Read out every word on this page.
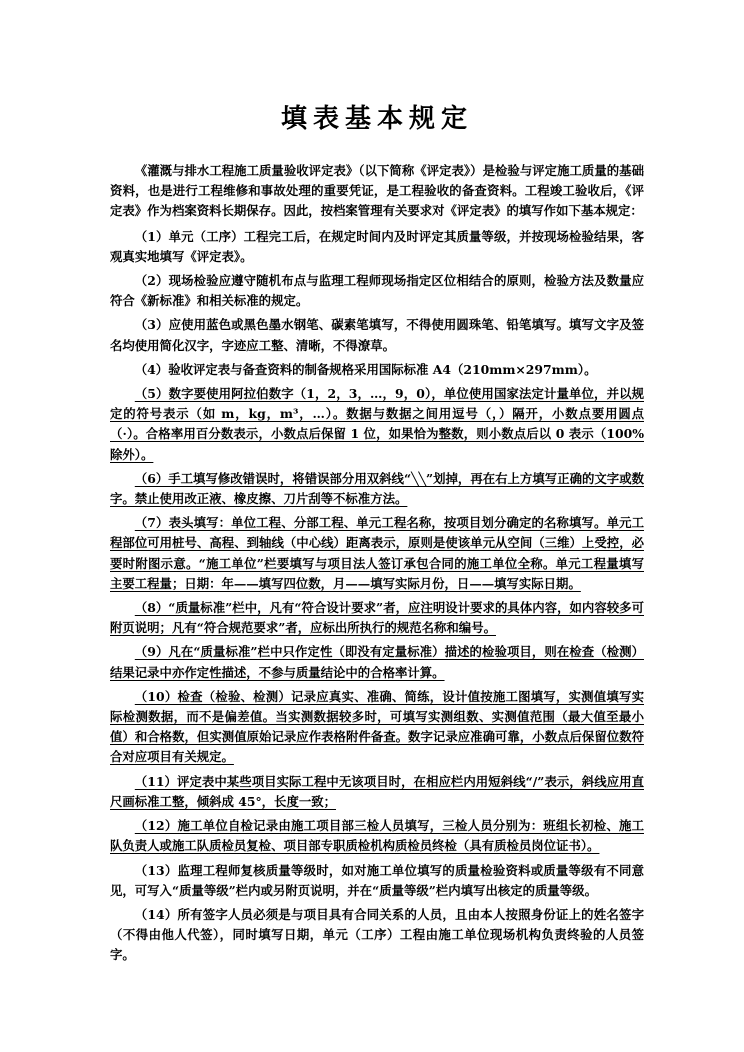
填表基本规定

《灌溉与排水工程施工质量验收评定表》（以下简称《评定表》）是检验与评定施工质量的基础资料，也是进行工程维修和事故处理的重要凭证，是工程验收的备查资料。工程竣工验收后，《评定表》作为档案资料长期保存。因此，按档案管理有关要求对《评定表》的填写作如下基本规定：

（1）单元（工序）工程完工后，在规定时间内及时评定其质量等级，并按现场检验结果，客观真实地填写《评定表》。

（2）现场检验应遵守随机布点与监理工程师现场指定区位相结合的原则，检验方法及数量应符合《新标准》和相关标准的规定。

（3）应使用蓝色或黑色墨水钢笔、碳素笔填写，不得使用圆珠笔、铅笔填写。填写文字及签名均使用简化汉字，字迹应工整、清晰，不得潦草。

（4）验收评定表与备查资料的制备规格采用国际标准 A4（210mm×297mm）。

（5）数字要使用阿拉伯数字（1，2，3，…，9，0），单位使用国家法定计量单位，并以规定的符号表示（如 m，kg，m³，…）。数据与数据之间用逗号（，）隔开，小数点要用圆点（·）。合格率用百分数表示，小数点后保留 1 位，如果恰为整数，则小数点后以 0 表示（100%除外）。

（6）手工填写修改错误时，将错误部分用双斜线“╲╲”划掉，再在右上方填写正确的文字或数字。禁止使用改正液、橡皮擦、刀片刮等不标准方法。

（7）表头填写：单位工程、分部工程、单元工程名称，按项目划分确定的名称填写。单元工程部位可用桩号、高程、到轴线（中心线）距离表示，原则是使该单元从空间（三维）上受控，必要时附图示意。“施工单位”栏要填写与项目法人签订承包合同的施工单位全称。单元工程量填写主要工程量；日期：年——填写四位数，月——填写实际月份，日——填写实际日期。

（8）“质量标准”栏中，凡有“符合设计要求”者，应注明设计要求的具体内容，如内容较多可附页说明；凡有“符合规范要求”者，应标出所执行的规范名称和编号。

（9）凡在“质量标准”栏中只作定性（即没有定量标准）描述的检验项目，则在检查（检测）结果记录中亦作定性描述，不参与质量结论中的合格率计算。

（10）检查（检验、检测）记录应真实、准确、简练，设计值按施工图填写，实测值填写实际检测数据，而不是偏差值。当实测数据较多时，可填写实测组数、实测值范围（最大值至最小值）和合格数，但实测值原始记录应作表格附件备查。数字记录应准确可靠，小数点后保留位数符合对应项目有关规定。

（11）评定表中某些项目实际工程中无该项目时，在相应栏内用短斜线“/”表示，斜线应用直尺画标准工整，倾斜成 45°，长度一致；

（12）施工单位自检记录由施工项目部三检人员填写，三检人员分别为：班组长初检、施工队负责人或施工队质检员复检、项目部专职质检机构质检员终检（具有质检员岗位证书）。

（13）监理工程师复核质量等级时，如对施工单位填写的质量检验资料或质量等级有不同意见，可写入“质量等级”栏内或另附页说明，并在“质量等级”栏内填写出核定的质量等级。

（14）所有签字人员必须是与项目具有合同关系的人员，且由本人按照身份证上的姓名签字（不得由他人代签），同时填写日期，单元（工序）工程由施工单位现场机构负责终验的人员签字。
